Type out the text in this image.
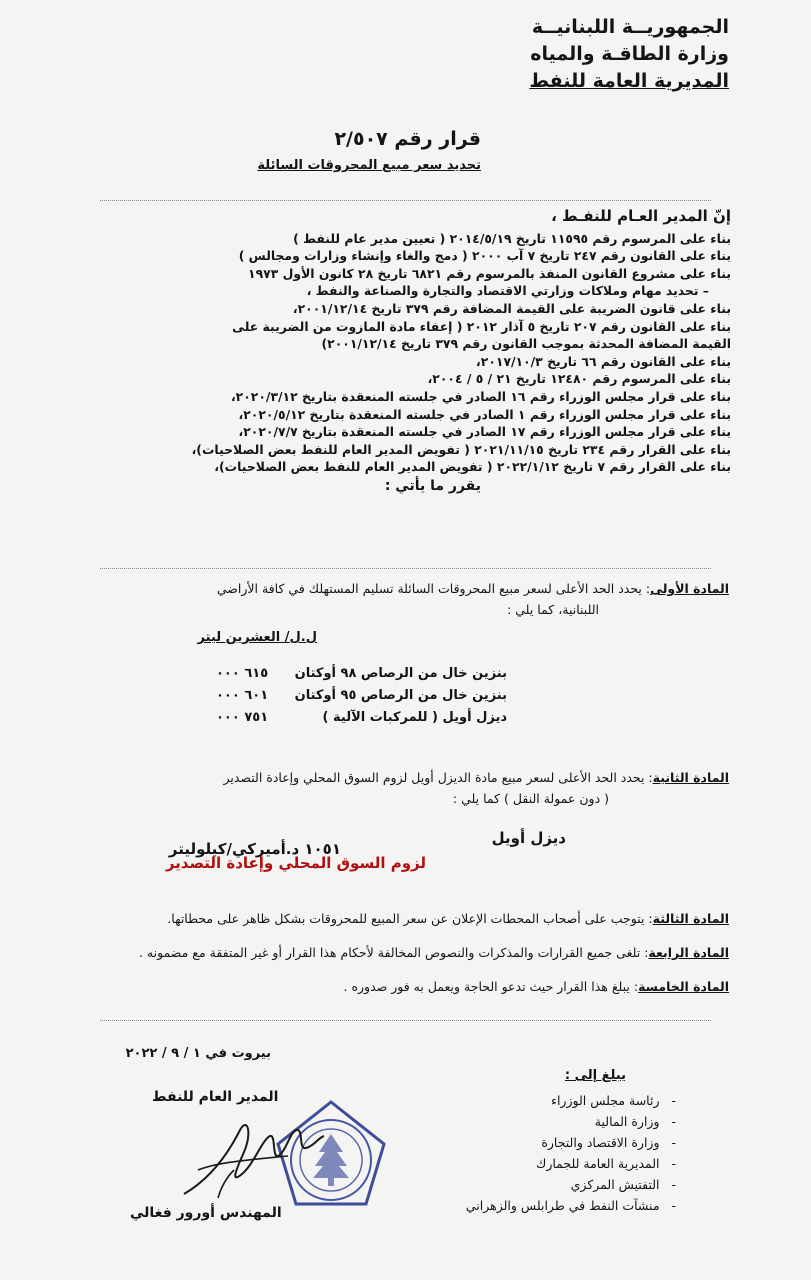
الجمهوريــة اللبنانيــة
وزارة الطاقـة والمياه
المديرية العامة للنفط
قرار رقم ٢/٥٠٧
تحديد سعر مبيع المحروقات السائلة
إنّ المدير العـام للنفـط ،
بناء على المرسوم رقم ١١٥٩٥ تاريخ ٢٠١٤/٥/١٩ ( تعيين مدير عام للنفط )
بناء على القانون رقم ٢٤٧ تاريخ ٧ آب ٢٠٠٠ ( دمج والغاء وإنشاء وزارات ومجالس )
بناء على مشروع القانون المنفذ بالمرسوم رقم ٦٨٢١ تاريخ ٢٨ كانون الأول ١٩٧٣
– تحديد مهام وملاكات وزارتي الاقتصاد والتجارة والصناعة والنفط ،
بناء على قانون الضريبة على القيمة المضافة رقم ٣٧٩ تاريخ ٢٠٠١/١٢/١٤،
بناء على القانون رقم ٢٠٧ تاريخ ٥ آذار ٢٠١٢ ( إعفاء مادة المازوت من الضريبة على
القيمة المضافة المحدثة بموجب القانون رقم ٣٧٩ تاريخ ٢٠٠١/١٢/١٤)
بناء على القانون رقم ٦٦ تاريخ ٢٠١٧/١٠/٣،
بناء على المرسوم رقم ١٢٤٨٠ تاريخ ٢١ / ٥ / ٢٠٠٤،
بناء على قرار مجلس الوزراء رقم ١٦ الصادر في جلسته المنعقدة بتاريخ ٢٠٢٠/٣/١٢،
بناء على قرار مجلس الوزراء رقم ١ الصادر في جلسته المنعقدة بتاريخ ٢٠٢٠/٥/١٢،
بناء على قرار مجلس الوزراء رقم ١٧ الصادر في جلسته المنعقدة بتاريخ ٢٠٢٠/٧/٧،
بناء على القرار رقم ٢٣٤ تاريخ ٢٠٢١/١١/١٥ ( تفويض المدير العام للنفط بعض الصلاحيات)،
بناء على القرار رقم ٧ تاريخ ٢٠٢٢/١/١٢ ( تفويض المدير العام للنفط بعض الصلاحيات)،
يقرر ما يأتي :
المادة الأولى: يحدد الحد الأعلى لسعر مبيع المحروقات السائلة تسليم المستهلك في كافة الأراضي
اللبنانية، كما يلي :
ل.ل/ العشرين ليتر
بنزين خال من الرصاص ٩٨ أوكتان
٦١٥ ٠٠٠
بنزين خال من الرصاص ٩٥ أوكتان
٦٠١ ٠٠٠
ديزل أويل ( للمركبات الآلية )
٧٥١ ٠٠٠
المادة الثانية: يحدد الحد الأعلى لسعر مبيع مادة الديزل أويل لزوم السوق المحلي وإعادة التصدير
( دون عمولة النقل ) كما يلي :
ديزل أويل
١٠٥١ د.أميركي/كيلوليتر
لزوم السوق المحلي وإعادة التصدير
المادة الثالثة: يتوجب على أصحاب المحطات الإعلان عن سعر المبيع للمحروقات بشكل ظاهر على محطاتها.
المادة الرابعة: تلغى جميع القرارات والمذكرات والنصوص المخالفة لأحكام هذا القرار أو غير المتفقة مع مضمونه .
المادة الخامسة: يبلغ هذا القرار حيث تدعو الحاجة ويعمل به فور صدوره .
بيروت في ١ / ٩ / ٢٠٢٢
يبلغ إلى :
- رئاسة مجلس الوزراء
- وزارة المالية
- وزارة الاقتصاد والتجارة
- المديرية العامة للجمارك
- التفتيش المركزي
- منشآت النفط في طرابلس والزهراني
المدير العام للنفط
المهندس أورور فغالي
